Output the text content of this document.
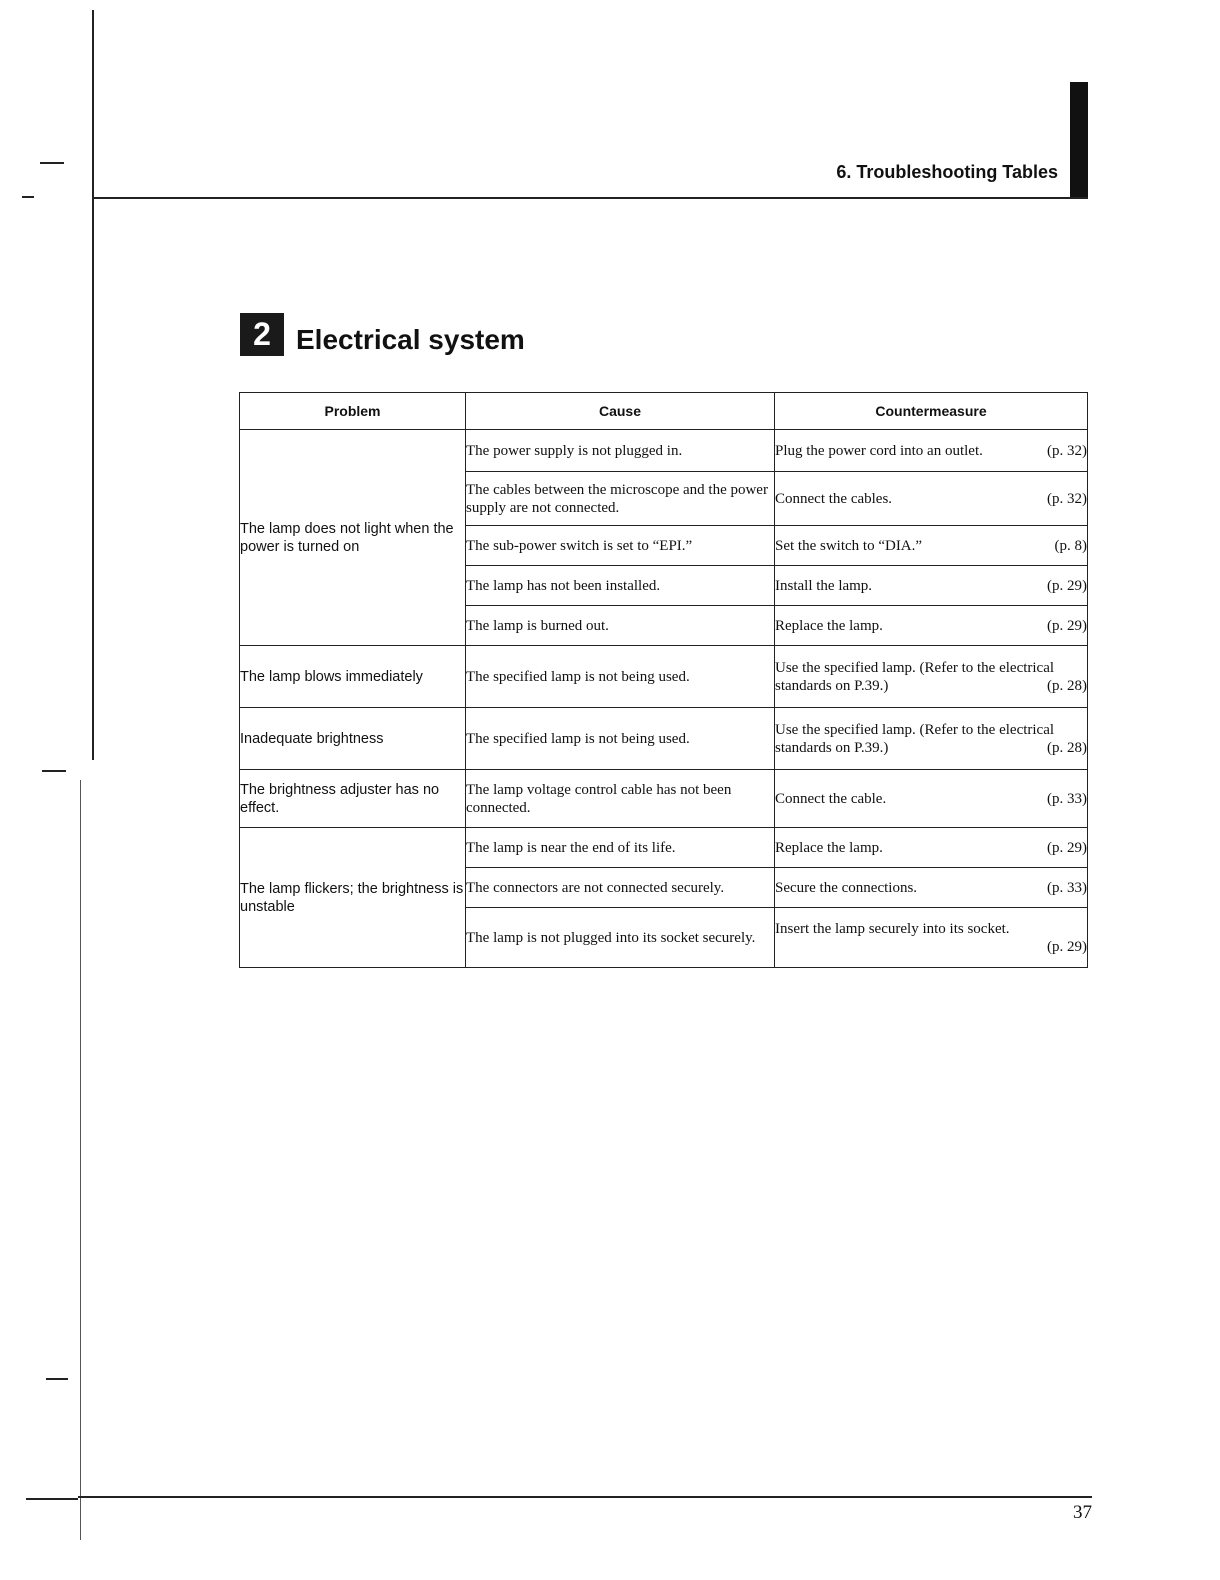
6. Troubleshooting Tables
2 Electrical system
Problem	Cause	Countermeasure
The lamp does not light when the power is turned on	The power supply is not plugged in.	Plug the power cord into an outlet. (p. 32)

	The cables between the microscope and the power supply are not connected.	Connect the cables. (p. 32)

	The sub-power switch is set to “EPI.”	Set the switch to “DIA.” (p. 8)

	The lamp has not been installed.	Install the lamp. (p. 29)

	The lamp is burned out.	Replace the lamp. (p. 29)

The lamp blows immediately	The specified lamp is not being used.	Use the specified lamp. (Refer to the electrical
standards on P.39.) (p. 28)

Inadequate brightness	The specified lamp is not being used.	Use the specified lamp. (Refer to the electrical
standards on P.39.) (p. 28)

The brightness adjuster has no effect.	The lamp voltage control cable has not been connected.	Connect the cable. (p. 33)

The lamp flickers; the brightness is unstable	The lamp is near the end of its life.	Replace the lamp. (p. 29)

	The connectors are not connected securely.	Secure the connections. (p. 33)

	The lamp is not plugged into its socket securely.	Insert the lamp securely into its socket.
(p. 29)
37
